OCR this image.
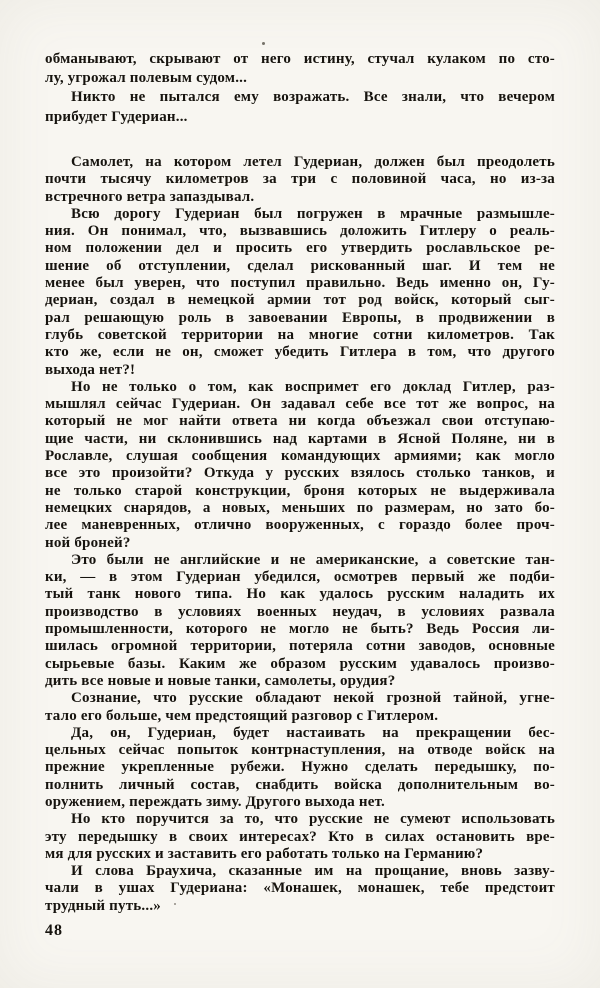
обманывают, скрывают от него истину, стучал кулаком по сто-
лу, угрожал полевым судом...
Никто не пытался ему возражать. Все знали, что вечером
прибудет Гудериан...
Самолет, на котором летел Гудериан, должен был преодолеть
почти тысячу километров за три с половиной часа, но из-за
встречного ветра запаздывал.
Всю дорогу Гудериан был погружен в мрачные размышле-
ния. Он понимал, что, вызвавшись доложить Гитлеру о реаль-
ном положении дел и просить его утвердить рославльское ре-
шение об отступлении, сделал рискованный шаг. И тем не
менее был уверен, что поступил правильно. Ведь именно он, Гу-
дериан, создал в немецкой армии тот род войск, который сыг-
рал решающую роль в завоевании Европы, в продвижении в
глубь советской территории на многие сотни километров. Так
кто же, если не он, сможет убедить Гитлера в том, что другого
выхода нет?!
Но не только о том, как воспримет его доклад Гитлер, раз-
мышлял сейчас Гудериан. Он задавал себе все тот же вопрос, на
который не мог найти ответа ни когда объезжал свои отступаю-
щие части, ни склонившись над картами в Ясной Поляне, ни в
Рославле, слушая сообщения командующих армиями; как могло
все это произойти? Откуда у русских взялось столько танков, и
не только старой конструкции, броня которых не выдерживала
немецких снарядов, а новых, меньших по размерам, но зато бо-
лее маневренных, отлично вооруженных, с гораздо более проч-
ной броней?
Это были не английские и не американские, а советские тан-
ки, — в этом Гудериан убедился, осмотрев первый же подби-
тый танк нового типа. Но как удалось русским наладить их
производство в условиях военных неудач, в условиях развала
промышленности, которого не могло не быть? Ведь Россия ли-
шилась огромной территории, потеряла сотни заводов, основные
сырьевые базы. Каким же образом русским удавалось произво-
дить все новые и новые танки, самолеты, орудия?
Сознание, что русские обладают некой грозной тайной, угне-
тало его больше, чем предстоящий разговор с Гитлером.
Да, он, Гудериан, будет настаивать на прекращении бес-
цельных сейчас попыток контрнаступления, на отводе войск на
прежние укрепленные рубежи. Нужно сделать передышку, по-
полнить личный состав, снабдить войска дополнительным во-
оружением, переждать зиму. Другого выхода нет.
Но кто поручится за то, что русские не сумеют использовать
эту передышку в своих интересах? Кто в силах остановить вре-
мя для русских и заставить его работать только на Германию?
И слова Браухича, сказанные им на прощание, вновь зазву-
чали в ушах Гудериана: «Монашек, монашек, тебе предстоит
трудный путь...»
48
